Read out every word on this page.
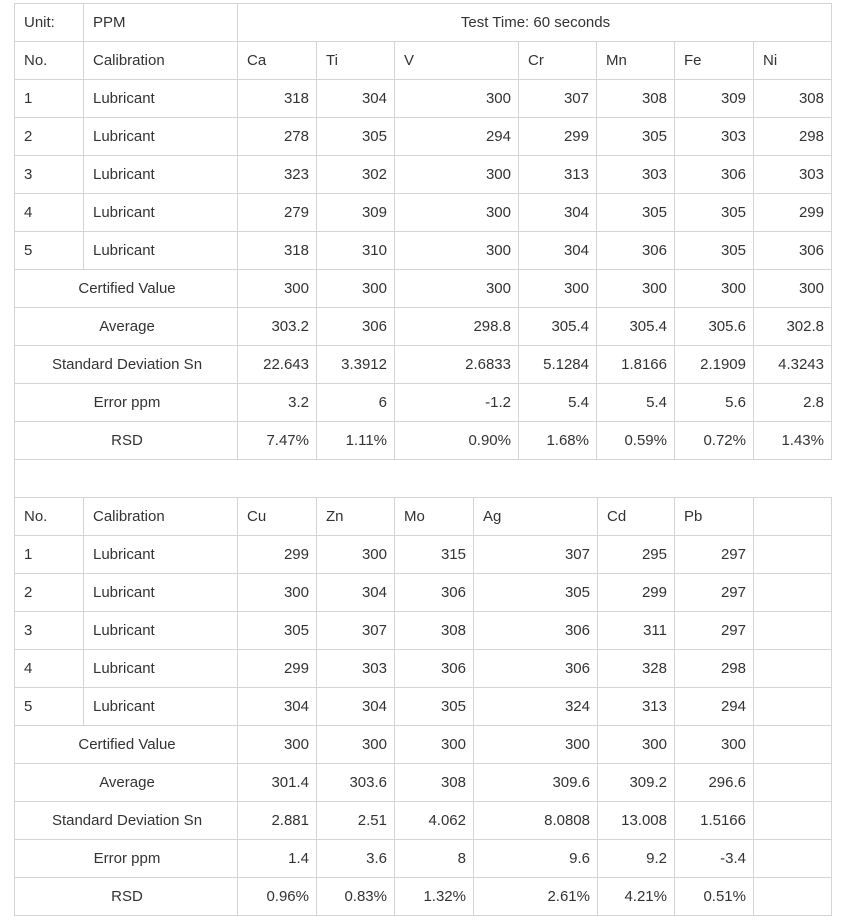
Unit:	PPM	Test Time: 60 seconds						
No.	Calibration	Ca	Ti	V	Cr	Mn	Fe	Ni
1	Lubricant	318	304	300	307	308	309	308
2	Lubricant	278	305	294	299	305	303	298
3	Lubricant	323	302	300	313	303	306	303
4	Lubricant	279	309	300	304	305	305	299
5	Lubricant	318	310	300	304	306	305	306
Certified Value		300	300	300	300	300	300	300
Average		303.2	306	298.8	305.4	305.4	305.6	302.8
Standard Deviation Sn		22.643	3.3912	2.6833	5.1284	1.8166	2.1909	4.3243
Error ppm		3.2	6	-1.2	5.4	5.4	5.6	2.8
RSD		7.47%	1.11%	0.90%	1.68%	0.59%	0.72%	1.43%
No.	Calibration	Cu	Zn	Mo	Ag	Cd	Pb	
1	Lubricant	299	300	315	307	295	297	
2	Lubricant	300	304	306	305	299	297	
3	Lubricant	305	307	308	306	311	297	
4	Lubricant	299	303	306	306	328	298	
5	Lubricant	304	304	305	324	313	294	
Certified Value		300	300	300	300	300	300	
Average		301.4	303.6	308	309.6	309.2	296.6	
Standard Deviation Sn		2.881	2.51	4.062	8.0808	13.008	1.5166	
Error ppm		1.4	3.6	8	9.6	9.2	-3.4	
RSD		0.96%	0.83%	1.32%	2.61%	4.21%	0.51%	
